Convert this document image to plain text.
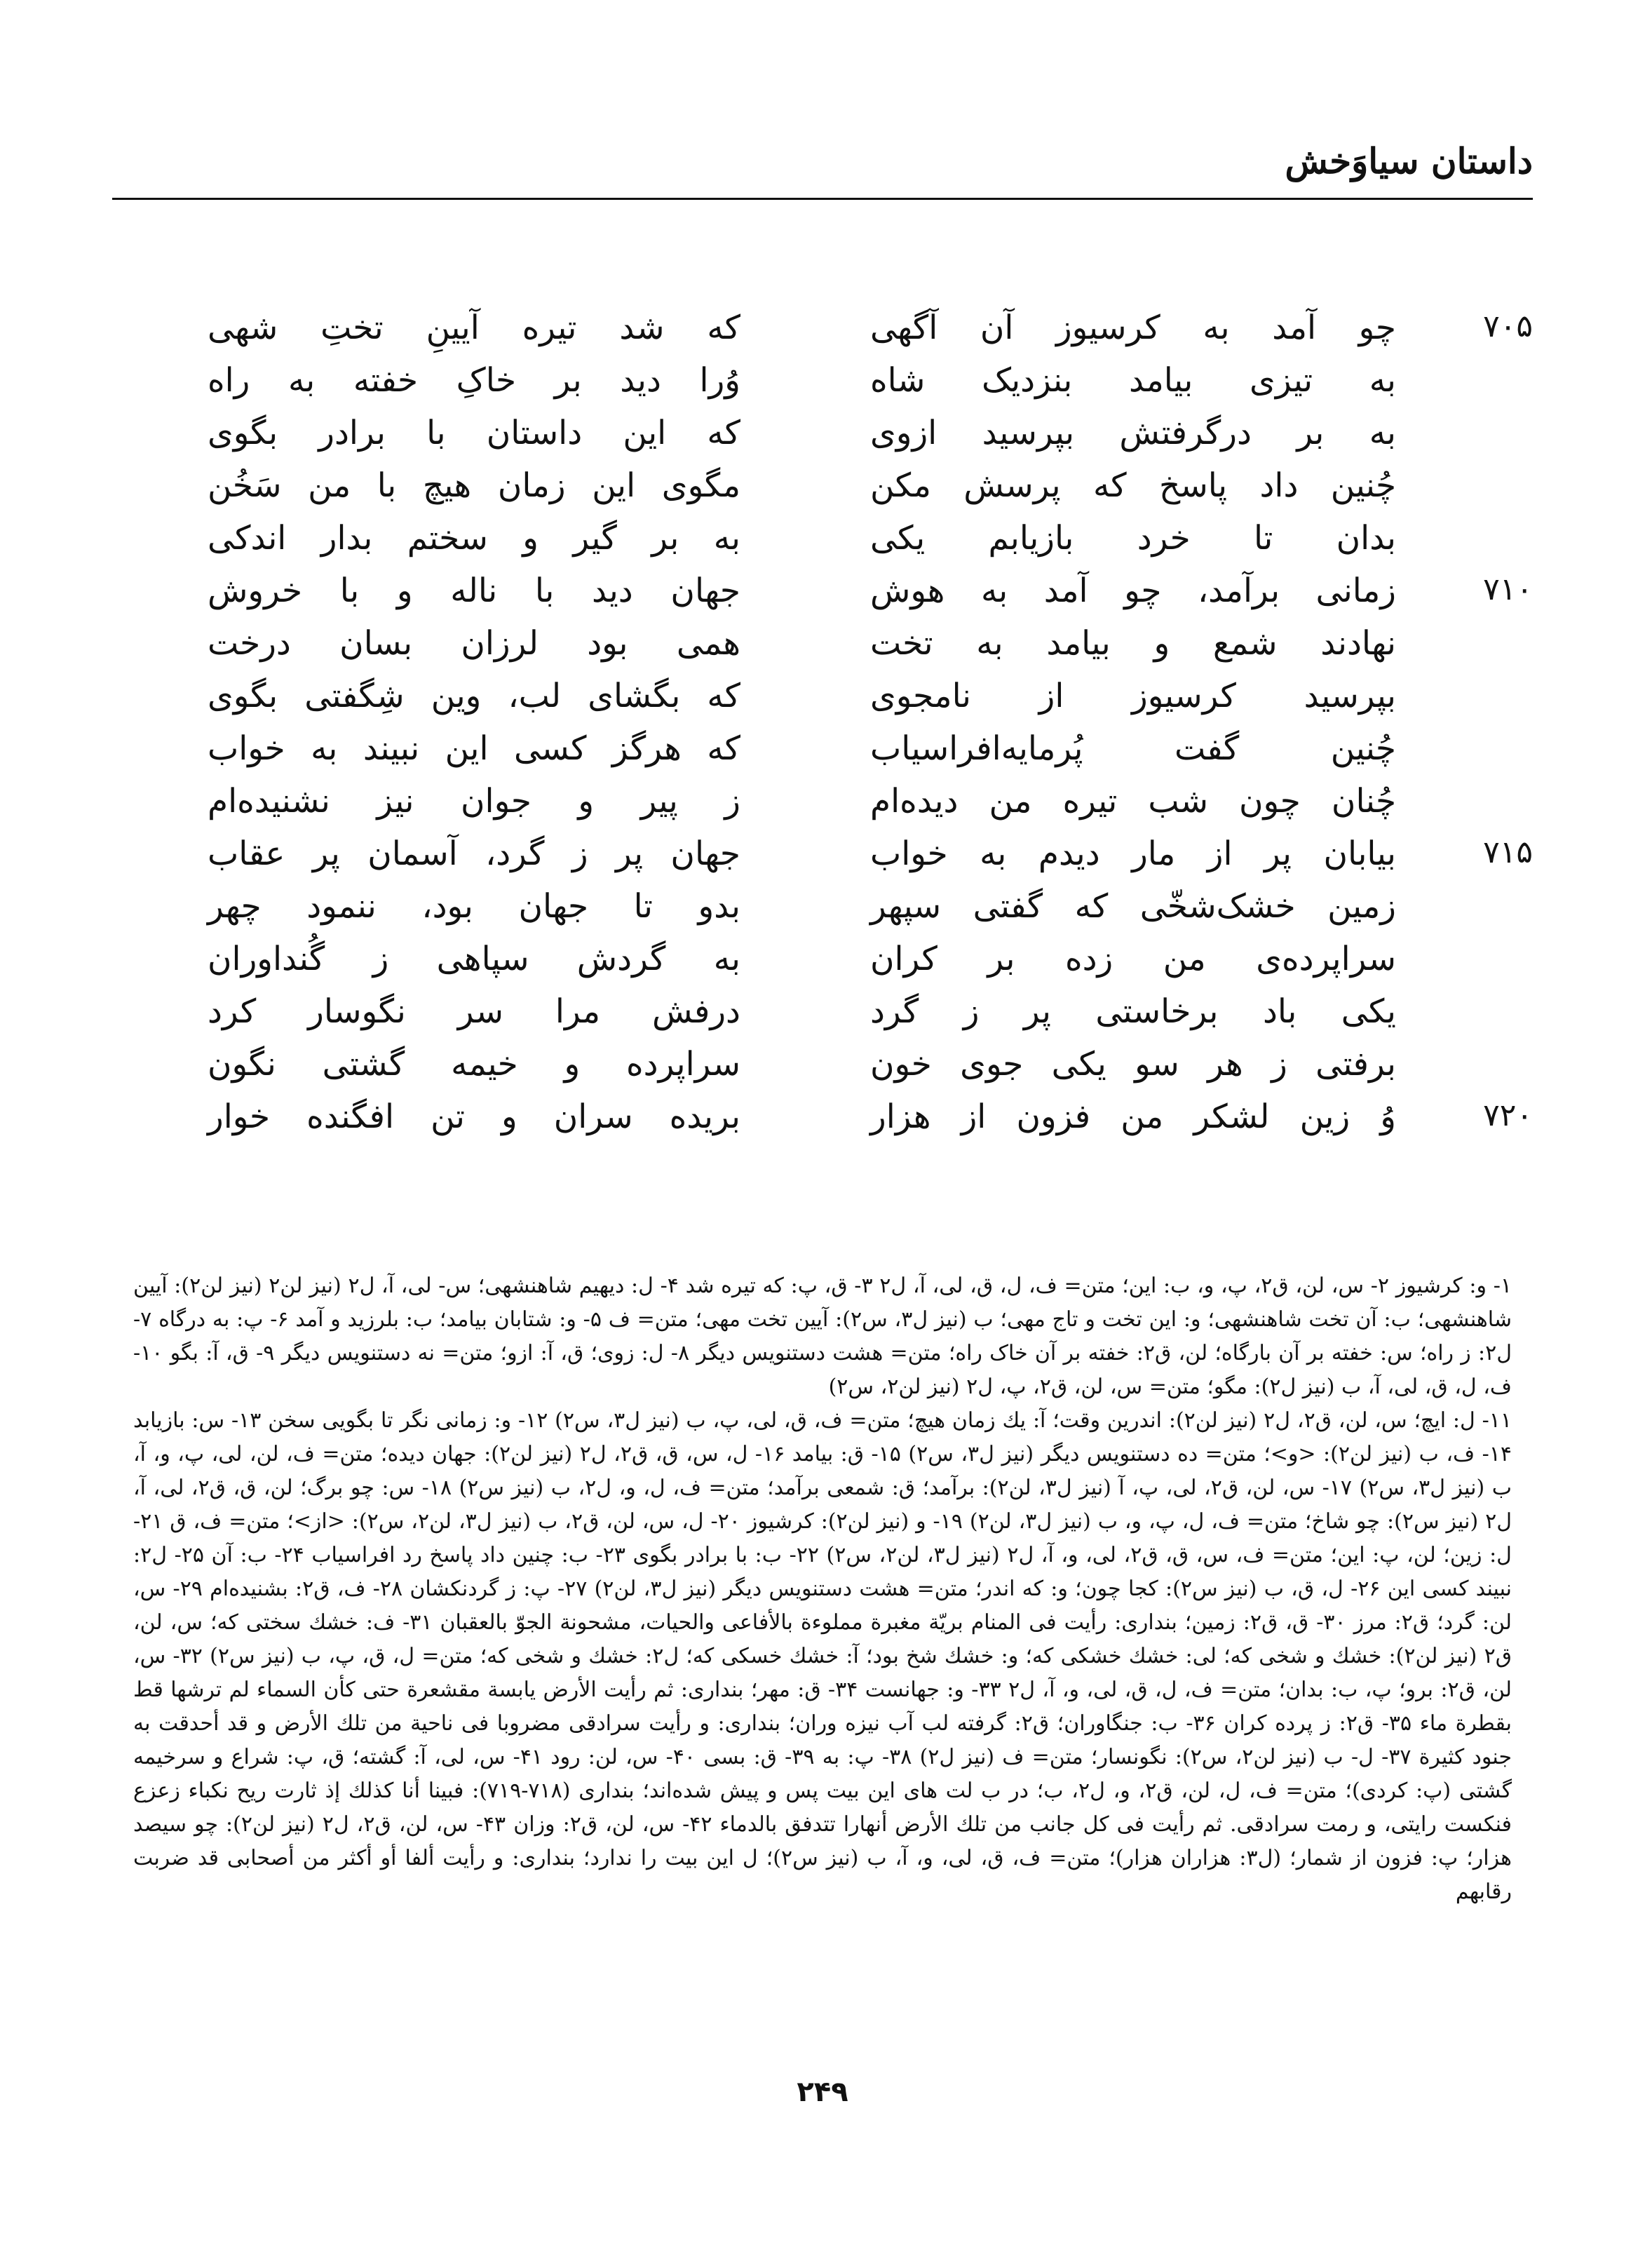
داستان سیاوَخش
۷۰۵
چو آمد به کرسیوز آن آگهی
که شد تیره آیینِ تختِ شهی
به تیزی بیامد بنزدیک شاه
وُرا دید بر خاکِ خفته به راه
به بر درگرفتش بپرسید ازوی
که این داستان با برادر بگوی
چُنین داد پاسخ که پرسش مکن
مگوی این زمان هیچ با من سَخُن
بدان تا خرد بازیابم یکی
به بر گیر و سختم بدار اندکی
۷۱۰
زمانی برآمد، چو آمد به هوش
جهان دید با ناله و با خروش
نهادند شمع و بیامد به تخت
همی بود لرزان بسان درخت
بپرسید کرسیوز از نامجوی
که بگشای لب، وین شِگفتی بگوی
چُنین گفت پُرمایه‌افراسیاب
که هرگز کسی این نبیند به خواب
چُنان چون شب تیره من دیده‌ام
ز پیر و جوان نیز نشنیده‌ام
۷۱۵
بیابان پر از مار دیدم به خواب
جهان پر ز گرد، آسمان پر عقاب
زمین خشک‌شخّی که گفتی سپهر
بدو تا جهان بود، ننمود چهر
سراپرده‌ی من زده بر کران
به گردش سپاهی ز گُنداوران
یکی باد برخاستی پر ز گرد
درفش مرا سر نگوسار کرد
برفتی ز هر سو یکی جوی خون
سراپرده و خیمه گشتی نگون
۷۲۰
وُ زین لشکر من فزون از هزار
بریده سران و تن افگنده خوار

۱- و: کرشیوز ۲- س، لن، ق۲، پ، و، ب: این؛ متن= ف، ل، ق، لی، آ، ل۲ ۳- ق، پ: که تیره شد ۴- ل: دیهیم شاهنشهی؛ س- لی، آ، ل۲ (نیز لن۲ (نیز لن۲): آیین شاهنشهی؛ ب: آن تخت شاهنشهی؛ و: این تخت و تاج مهی؛ ب (نیز ل۳، س۲): آیین تخت مهی؛ متن= ف ۵- و: شتابان بیامد؛ ب: بلرزید و آمد ۶- پ: به درگاه ۷- ل۲: ز راه؛ س: خفته بر آن بارگاه؛ لن، ق۲: خفته بر آن خاک راه؛ متن= هشت دستنویس دیگر ۸- ل: زوی؛ ق، آ: ازو؛ متن= نه دستنویس دیگر ۹- ق، آ: بگو ۱۰- ف، ل، ق، لی، آ، ب (نیز ل۲): مگو؛ متن= س، لن، ق۲، پ، ل۲ (نیز لن۲، س۲)

۱۱- ل: ایچ؛ س، لن، ق۲، ل۲ (نیز لن۲): اندرین وقت؛ آ: یك زمان هیچ؛ متن= ف، ق، لی، پ، ب (نیز ل۳، س۲) ۱۲- و: زمانی نگر تا بگویی سخن ۱۳- س: بازیابد ۱۴- ف، ب (نیز لن۲): <و>؛ متن= ده دستنویس دیگر (نیز ل۳، س۲) ۱۵- ق: بیامد ۱۶- ل، س، ق، ق۲، ل۲ (نیز لن۲): جهان دیده؛ متن= ف، لن، لی، پ، و، آ، ب (نیز ل۳، س۲) ۱۷- س، لن، ق۲، لی، پ، آ (نیز ل۳، لن۲): برآمد؛ ق: شمعی برآمد؛ متن= ف، ل، و، ل۲، ب (نیز س۲) ۱۸- س: چو برگ؛ لن، ق، ق۲، لی، آ، ل۲ (نیز س۲): چو شاخ؛ متن= ف، ل، پ، و، ب (نیز ل۳، لن۲) ۱۹- و (نیز لن۲): کرشیوز ۲۰- ل، س، لن، ق۲، ب (نیز ل۳، لن۲، س۲): <از>؛ متن= ف، ق ۲۱- ل: زین؛ لن، پ: این؛ متن= ف، س، ق، ق۲، لی، و، آ، ل۲ (نیز ل۳، لن۲، س۲) ۲۲- ب: با برادر بگوی ۲۳- ب: چنین داد پاسخ رد افراسیاب ۲۴- ب: آن ۲۵- ل۲: نبیند کسی این ۲۶- ل، ق، ب (نیز س۲): کجا چون؛ و: که اندر؛ متن= هشت دستنویس دیگر (نیز ل۳، لن۲) ۲۷- پ: ز گردنکشان ۲۸- ف، ق۲: بشنیده‌ام ۲۹- س، لن: گرد؛ ق۲: مرز ۳۰- ق، ق۲: زمین؛ بنداری: رأیت فی المنام بریّة مغبرة مملوءة بالأفاعی والحیات، مشحونة الجوّ بالعقبان ۳۱- ف: خشك سختی که؛ س، لن، ق۲ (نیز لن۲): خشك و شخی که؛ لی: خشك خشکی که؛ و: خشك شخ بود؛ آ: خشك خسکی که؛ ل۲: خشك و شخی که؛ متن= ل، ق، پ، ب (نیز س۲) ۳۲- س، لن، ق۲: برو؛ پ، ب: بدان؛ متن= ف، ل، ق، لی، و، آ، ل۲ ۳۳- و: جهانست ۳۴- ق: مهر؛ بنداری: ثم رأیت الأرض یابسة مقشعرة حتی کأن السماء لم ترشها قط بقطرة ماء ۳۵- ق۲: ز پرده کران ۳۶- ب: جنگاوران؛ ق۲: گرفته لب آب نیزه وران؛ بنداری: و رأیت سرادقی مضروبا فی ناحیة من تلك الأرض و قد أحدقت به جنود کثیرة ۳۷- ل- ب (نیز لن۲، س۲): نگونسار؛ متن= ف (نیز ل۲) ۳۸- پ: به ۳۹- ق: بسی ۴۰- س، لن: رود ۴۱- س، لی، آ: گشته؛ ق، پ: شراع و سرخیمه گشتی (پ: کردی)؛ متن= ف، ل، لن، ق۲، و، ل۲، ب؛ در ب لت های این بیت پس و پیش شده‌اند؛ بنداری (۷۱۸-۷۱۹): فبینا أنا کذلك إذ ثارت ریح نکباء زعزع فنکست رایتی، و رمت سرادقی. ثم رأیت فی کل جانب من تلك الأرض أنهارا تتدفق بالدماء ۴۲- س، لن، ق۲: وزان ۴۳- س، لن، ق۲، ل۲ (نیز لن۲): چو سیصد هزار؛ پ: فزون از شمار؛ (ل۳: هزاران هزار)؛ متن= ف، ق، لی، و، آ، ب (نیز س۲)؛ ل این بیت را ندارد؛ بنداری: و رأیت ألفا أو أکثر من أصحابی قد ضربت رقابهم

۲۴۹
